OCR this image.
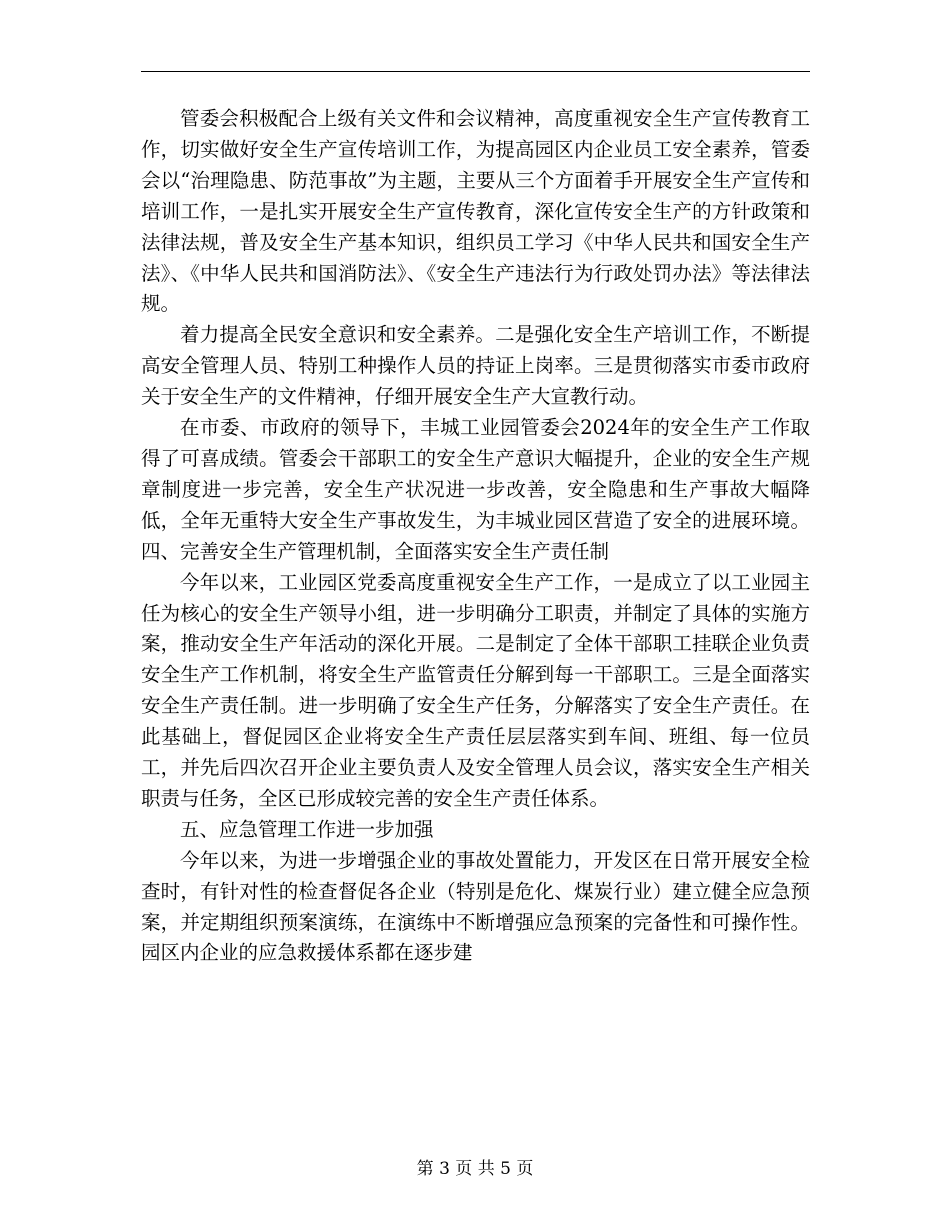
管委会积极配合上级有关文件和会议精神，高度重视安全生产宣传教育工作，切实做好安全生产宣传培训工作，为提高园区内企业员工安全素养，管委会以“治理隐患、防范事故”为主题，主要从三个方面着手开展安全生产宣传和培训工作，一是扎实开展安全生产宣传教育，深化宣传安全生产的方针政策和法律法规，普及安全生产基本知识，组织员工学习《中华人民共和国安全生产法》、《中华人民共和国消防法》、《安全生产违法行为行政处罚办法》等法律法规。

着力提高全民安全意识和安全素养。二是强化安全生产培训工作，不断提高安全管理人员、特别工种操作人员的持证上岗率。三是贯彻落实市委市政府关于安全生产的文件精神，仔细开展安全生产大宣教行动。

在市委、市政府的领导下，丰城工业园管委会2024年的安全生产工作取得了可喜成绩。管委会干部职工的安全生产意识大幅提升，企业的安全生产规章制度进一步完善，安全生产状况进一步改善，安全隐患和生产事故大幅降低，全年无重特大安全生产事故发生，为丰城业园区营造了安全的进展环境。四、完善安全生产管理机制，全面落实安全生产责任制

今年以来，工业园区党委高度重视安全生产工作，一是成立了以工业园主任为核心的安全生产领导小组，进一步明确分工职责，并制定了具体的实施方案，推动安全生产年活动的深化开展。二是制定了全体干部职工挂联企业负责安全生产工作机制，将安全生产监管责任分解到每一干部职工。三是全面落实安全生产责任制。进一步明确了安全生产任务，分解落实了安全生产责任。在此基础上，督促园区企业将安全生产责任层层落实到车间、班组、每一位员工，并先后四次召开企业主要负责人及安全管理人员会议，落实安全生产相关职责与任务，全区已形成较完善的安全生产责任体系。

五、应急管理工作进一步加强

今年以来，为进一步增强企业的事故处置能力，开发区在日常开展安全检查时，有针对性的检查督促各企业（特别是危化、煤炭行业）建立健全应急预案，并定期组织预案演练，在演练中不断增强应急预案的完备性和可操作性。园区内企业的应急救援体系都在逐步建

第 3 页 共 5 页
